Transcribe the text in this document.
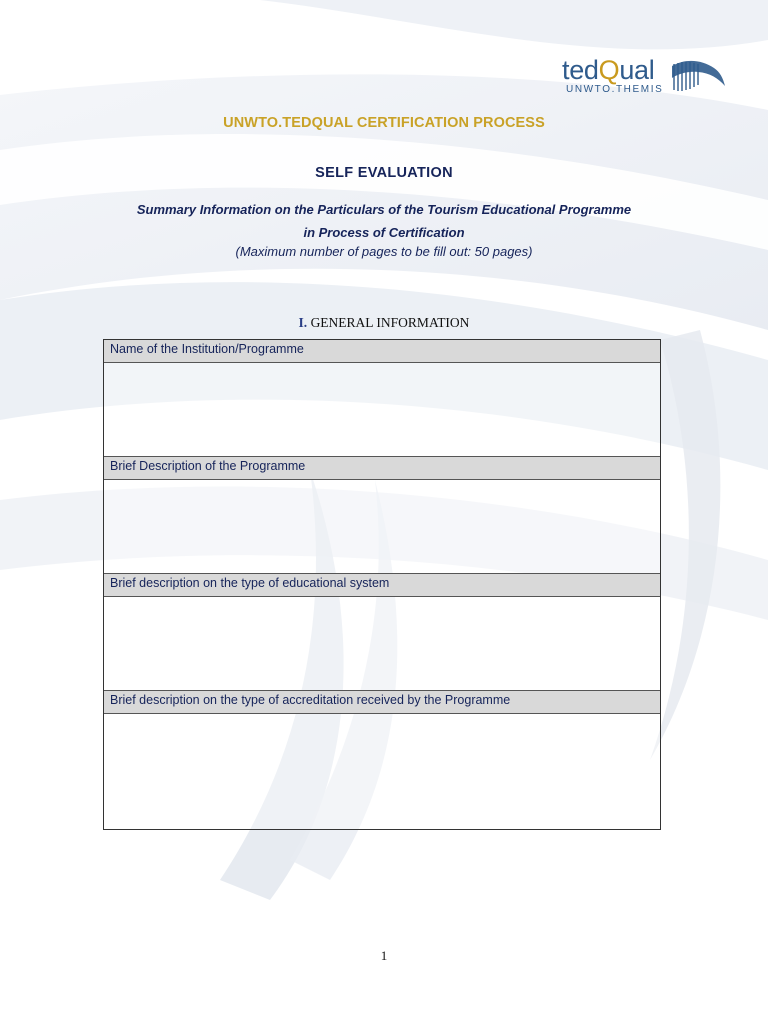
tedQual
UNWTO.THEMIS
UNWTO.TEDQUAL CERTIFICATION PROCESS
SELF EVALUATION
Summary Information on the Particulars of the Tourism Educational Programme
in Process of Certification
(Maximum number of pages to be fill out: 50 pages)
I. GENERAL INFORMATION
Name of the Institution/Programme
Brief Description of the Programme
Brief description on the type of educational system
Brief description on the type of accreditation received by the Programme
1
